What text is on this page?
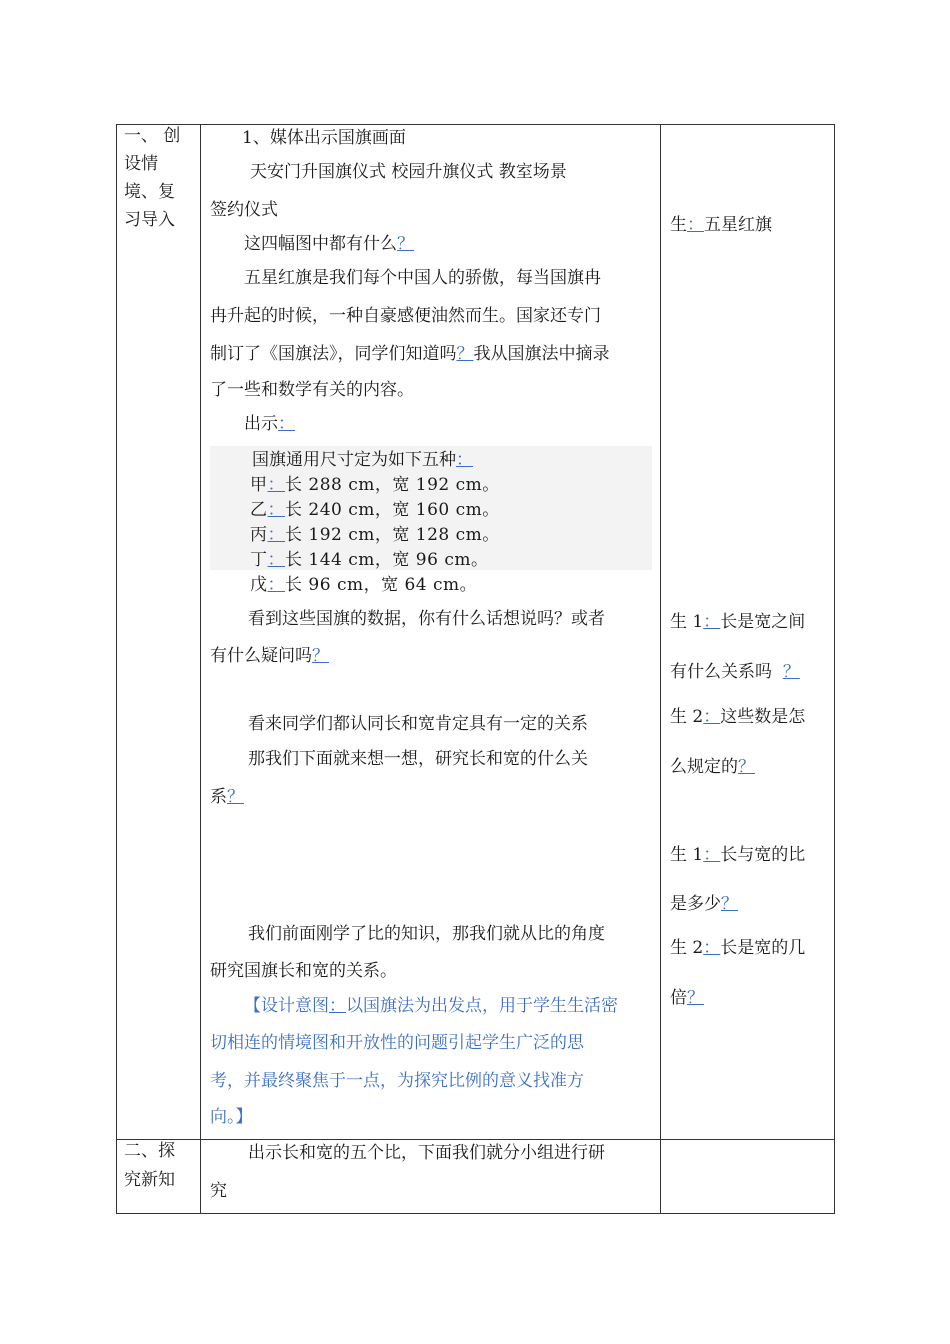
一、 创
设情
境、复
习导入
1、媒体出示国旗画面
天安门升国旗仪式 校园升旗仪式 教室场景
签约仪式
这四幅图中都有什么？
五星红旗是我们每个中国人的骄傲，每当国旗冉
冉升起的时候，一种自豪感便油然而生。国家还专门
制订了《国旗法》，同学们知道吗？我从国旗法中摘录
了一些和数学有关的内容。
出示：
国旗通用尺寸定为如下五种：
甲：长 288 cm，宽 192 cm。
乙：长 240 cm，宽 160 cm。
丙：长 192 cm，宽 128 cm。
丁：长 144 cm，宽 96 cm。
戊：长 96 cm，宽 64 cm。
看到这些国旗的数据，你有什么话想说吗？或者
有什么疑问吗？
看来同学们都认同长和宽肯定具有一定的关系
那我们下面就来想一想，研究长和宽的什么关
系？
我们前面刚学了比的知识，那我们就从比的角度
研究国旗长和宽的关系。
【设计意图：以国旗法为出发点，用于学生生活密
切相连的情境图和开放性的问题引起学生广泛的思
考，并最终聚焦于一点，为探究比例的意义找准方
向。】
生：五星红旗
生 1：长是宽之间
有什么关系吗 ？
生 2：这些数是怎
么规定的？
生 1：长与宽的比
是多少？
生 2：长是宽的几
倍？
二、探
究新知
出示长和宽的五个比，下面我们就分小组进行研
究
